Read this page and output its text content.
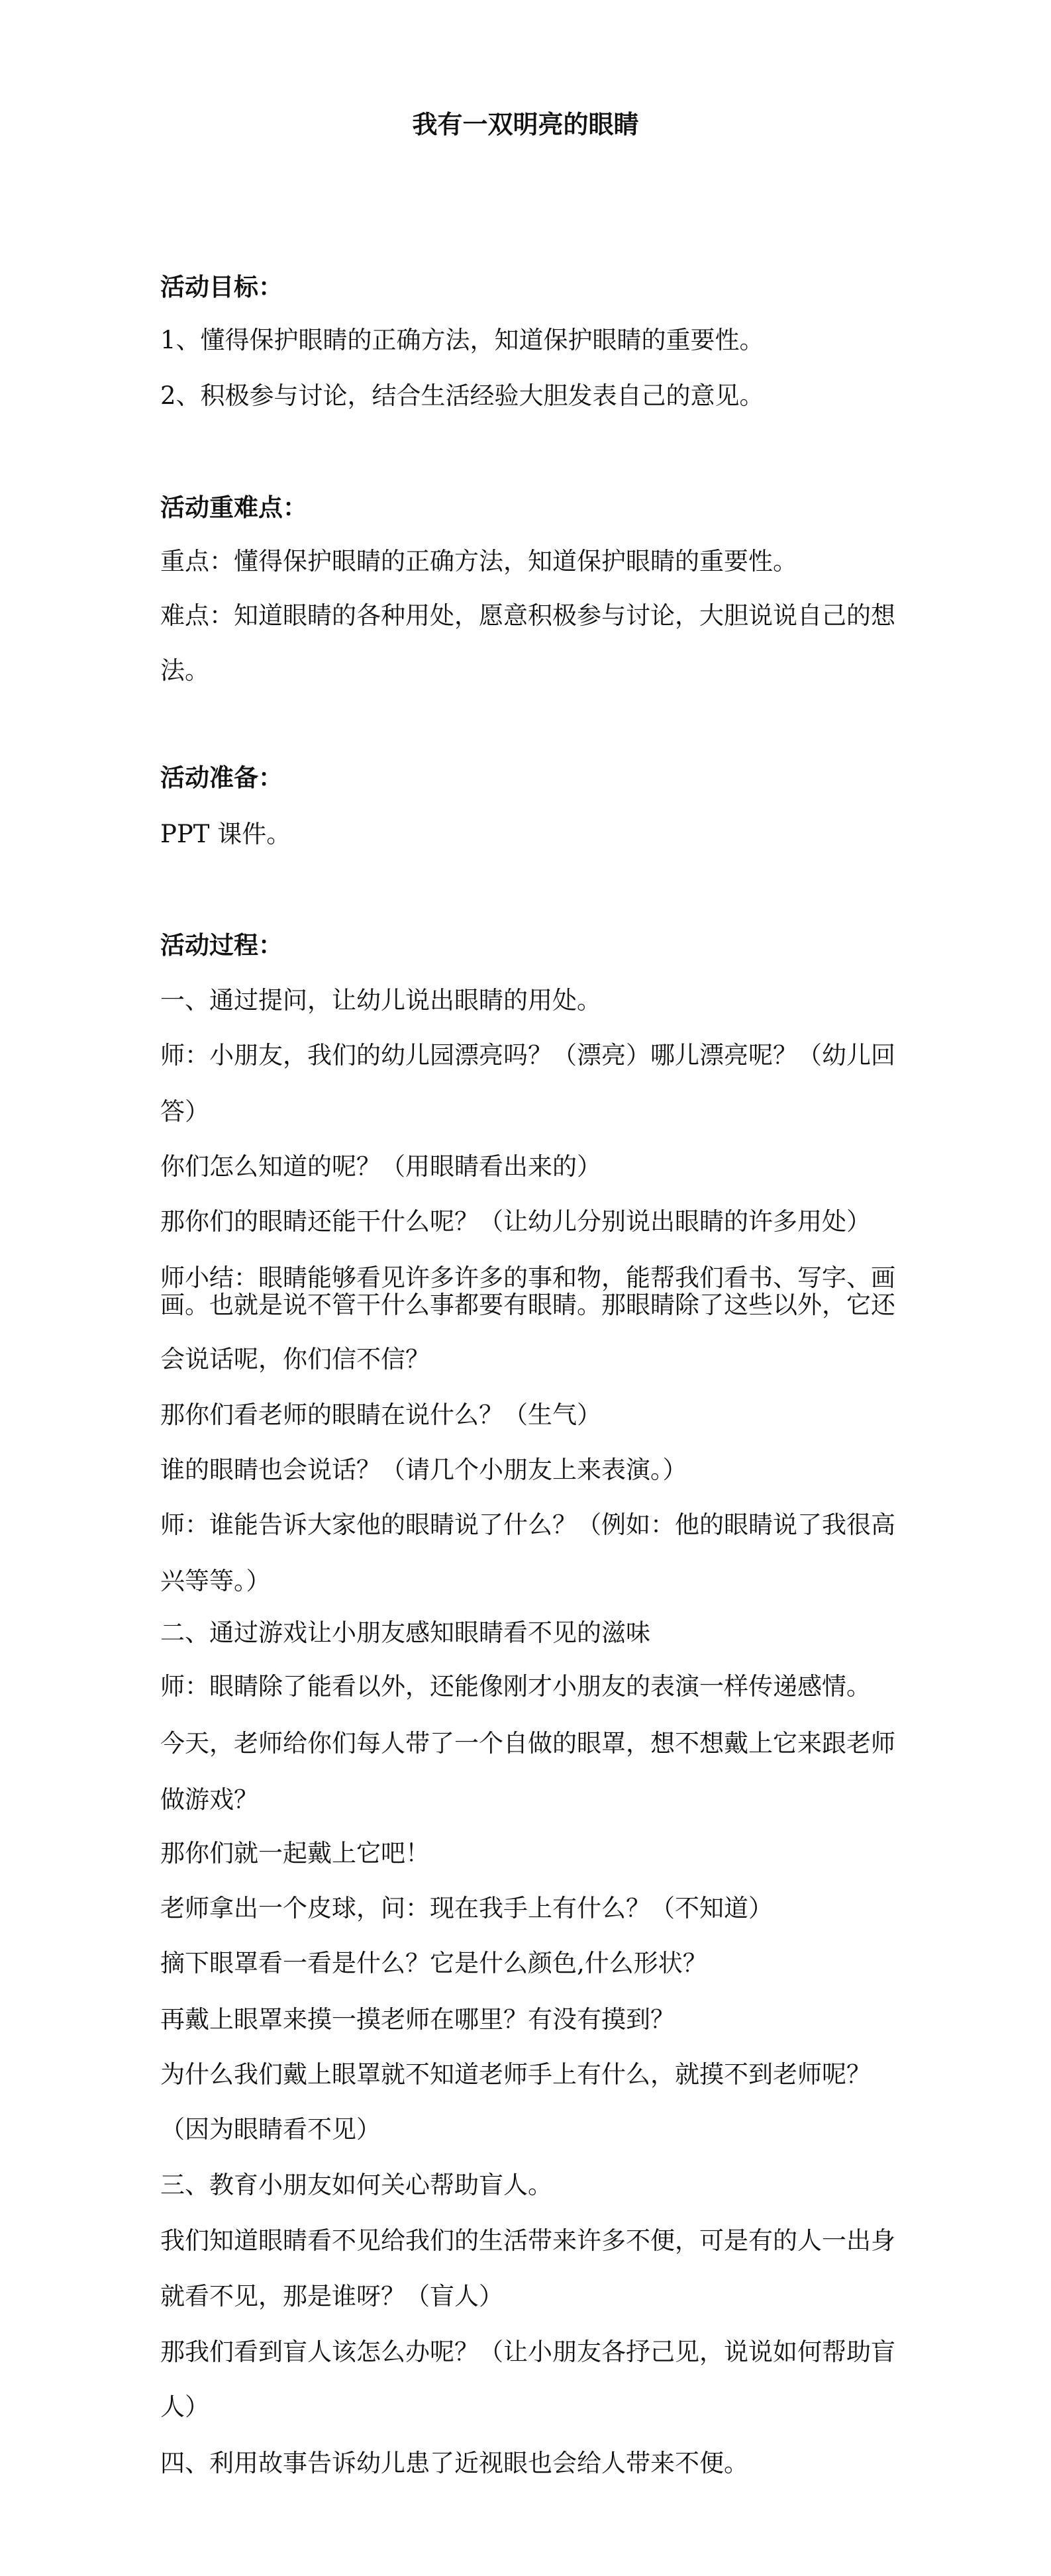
我有一双明亮的眼睛
活动目标：
1、懂得保护眼睛的正确方法，知道保护眼睛的重要性。
2、积极参与讨论，结合生活经验大胆发表自己的意见。
活动重难点：
重点：懂得保护眼睛的正确方法，知道保护眼睛的重要性。
难点：知道眼睛的各种用处，愿意积极参与讨论，大胆说说自己的想
法。
活动准备：
PPT 课件。
活动过程：
一、通过提问，让幼儿说出眼睛的用处。
师：小朋友，我们的幼儿园漂亮吗？（漂亮）哪儿漂亮呢？（幼儿回
答）
你们怎么知道的呢？（用眼睛看出来的）
那你们的眼睛还能干什么呢？（让幼儿分别说出眼睛的许多用处）
师小结：眼睛能够看见许多许多的事和物，能帮我们看书、写字、画
画。也就是说不管干什么事都要有眼睛。那眼睛除了这些以外，它还
会说话呢，你们信不信？
那你们看老师的眼睛在说什么？（生气）
谁的眼睛也会说话？（请几个小朋友上来表演。）
师：谁能告诉大家他的眼睛说了什么？（例如：他的眼睛说了我很高
兴等等。）
二、通过游戏让小朋友感知眼睛看不见的滋味
师：眼睛除了能看以外，还能像刚才小朋友的表演一样传递感情。
今天，老师给你们每人带了一个自做的眼罩，想不想戴上它来跟老师
做游戏？
那你们就一起戴上它吧！
老师拿出一个皮球，问：现在我手上有什么？（不知道）
摘下眼罩看一看是什么？它是什么颜色,什么形状？
再戴上眼罩来摸一摸老师在哪里？有没有摸到？
为什么我们戴上眼罩就不知道老师手上有什么，就摸不到老师呢？
（因为眼睛看不见）
三、教育小朋友如何关心帮助盲人。
我们知道眼睛看不见给我们的生活带来许多不便，可是有的人一出身
就看不见，那是谁呀？（盲人）
那我们看到盲人该怎么办呢？（让小朋友各抒己见，说说如何帮助盲
人）
四、利用故事告诉幼儿患了近视眼也会给人带来不便。
